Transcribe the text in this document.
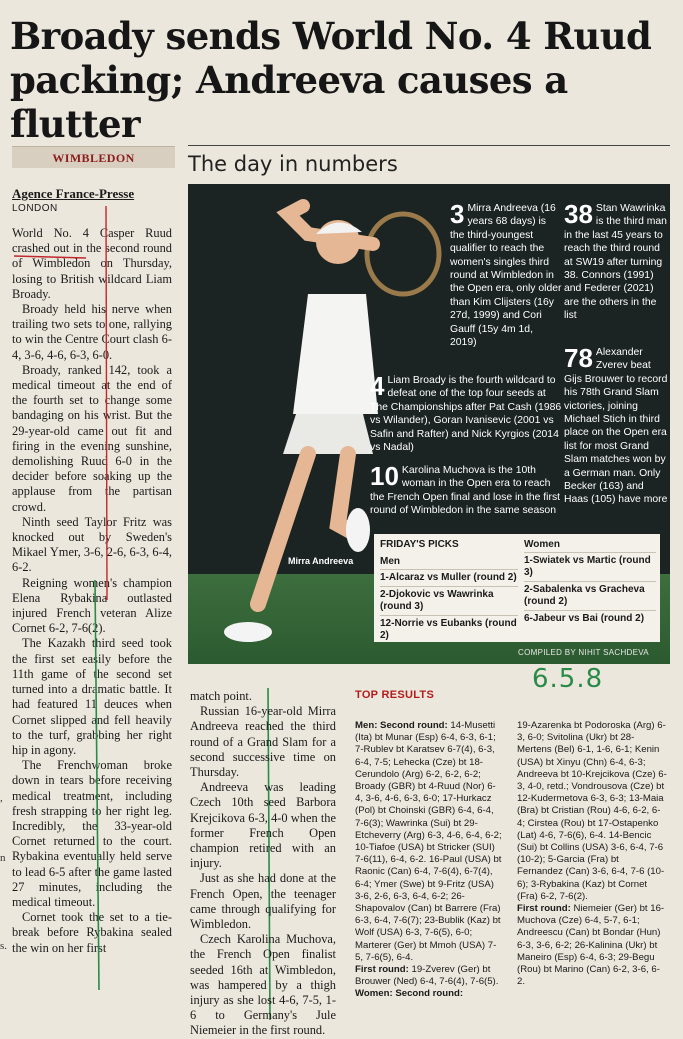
Broady sends World No. 4 Ruud packing; Andreeva causes a flutter
,
n
s.
WIMBLEDON
Agence France-Presse
LONDON

World No. 4 Casper Ruud crashed out in the second round of Wimbledon on Thursday, losing to British wildcard Liam Broady.

Broady held his nerve when trailing two sets to one, rallying to win the Centre Court clash 6-4, 3-6, 4-6, 6-3, 6-0.

Broady, ranked 142, took a medical timeout at the end of the fourth set to change some bandaging on his wrist. But the 29-year-old came out fit and firing in the evening sunshine, demolishing Ruud 6-0 in the decider before soaking up the applause from the partisan crowd.

Ninth seed Taylor Fritz was knocked out by Sweden's Mikael Ymer, 3-6, 2-6, 6-3, 6-4, 6-2.

Reigning women's champion Elena Rybakina outlasted injured French veteran Alize Cornet 6-2, 7-6(2).

The Kazakh third seed took the first set easily before the 11th game of the second set turned into a dramatic battle. It had featured 11 deuces when Cornet slipped and fell heavily to the turf, grabbing her right hip in agony.

The Frenchwoman broke down in tears before receiving medical treatment, including fresh strapping to her right leg. Incredibly, the 33-year-old Cornet returned to the court. Rybakina eventually held serve to lead 6-5 after the game lasted 27 minutes, including the medical timeout.

Cornet took the set to a tie-break before Rybakina sealed the win on her first

The day in numbers
3 Mirra Andreeva (16 years 68 days) is the third-youngest qualifier to reach the women's singles third round at Wimbledon in the Open era, only older than Kim Clijsters (16y 27d, 1999) and Cori Gauff (15y 4m 1d, 2019)
38 Stan Wawrinka is the third man in the last 45 years to reach the third round at SW19 after turning 38. Connors (1991) and Federer (2021) are the others in the list
4 Liam Broady is the fourth wildcard to defeat one of the top four seeds at The Championships after Pat Cash (1986 vs Wilander), Goran Ivanisevic (2001 vs Safin and Rafter) and Nick Kyrgios (2014 vs Nadal)
78 Alexander Zverev beat Gijs Brouwer to record his 78th Grand Slam victories, joining Michael Stich in third place on the Open era list for most Grand Slam matches won by a German man. Only Becker (163) and Haas (105) have more
10 Karolina Muchova is the 10th woman in the Open era to reach the French Open final and lose in the first round of Wimbledon in the same season
Mirra Andreeva
FRIDAY'S PICKS
Men
1-Alcaraz vs Muller (round 2)
2-Djokovic vs Wawrinka (round 3)
12-Norrie vs Eubanks (round 2)
Women
1-Swiatek vs Martic (round 3)
2-Sabalenka vs Gracheva (round 2)
6-Jabeur vs Bai (round 2)
COMPILED BY NIHIT SACHDEVA
6.5.8

match point.

Russian 16-year-old Mirra Andreeva reached the third round of a Grand Slam for a second successive time on Thursday.

Andreeva was leading Czech 10th seed Barbora Krejcikova 6-3, 4-0 when the former French Open champion retired with an injury.

Just as she had done at the French Open, the teenager came through qualifying for Wimbledon.

Czech Karolina Muchova, the French Open finalist seeded 16th at Wimbledon, was hampered by a thigh injury as she lost 4-6, 7-5, 1-6 to Germany's Jule Niemeier in the first round.

TOP RESULTS
Men: Second round: 14-Musetti (Ita) bt Munar (Esp) 6-4, 6-3, 6-1; 7-Rublev bt Karatsev 6-7(4), 6-3, 6-4, 7-5; Lehecka (Cze) bt 18-Cerundolo (Arg) 6-2, 6-2, 6-2; Broady (GBR) bt 4-Ruud (Nor) 6-4, 3-6, 4-6, 6-3, 6-0; 17-Hurkacz (Pol) bt Choinski (GBR) 6-4, 6-4, 7-6(3); Wawrinka (Sui) bt 29-Etcheverry (Arg) 6-3, 4-6, 6-4, 6-2; 10-Tiafoe (USA) bt Stricker (SUI) 7-6(11), 6-4, 6-2. 16-Paul (USA) bt Raonic (Can) 6-4, 7-6(4), 6-7(4), 6-4; Ymer (Swe) bt 9-Fritz (USA) 3-6, 2-6, 6-3, 6-4, 6-2; 26-Shapovalov (Can) bt Barrere (Fra) 6-3, 6-4, 7-6(7); 23-Bublik (Kaz) bt Wolf (USA) 6-3, 7-6(5), 6-0; Marterer (Ger) bt Mmoh (USA) 7-5, 7-6(5), 6-4.
First round: 19-Zverev (Ger) bt Brouwer (Ned) 6-4, 7-6(4), 7-6(5).
Women: Second round:
19-Azarenka bt Podoroska (Arg) 6-3, 6-0; Svitolina (Ukr) bt 28-Mertens (Bel) 6-1, 1-6, 6-1; Kenin (USA) bt Xinyu (Chn) 6-4, 6-3; Andreeva bt 10-Krejcikova (Cze) 6-3, 4-0, retd.; Vondrousova (Cze) bt 12-Kudermetova 6-3, 6-3; 13-Maia (Bra) bt Cristian (Rou) 4-6, 6-2, 6-4; Cirstea (Rou) bt 17-Ostapenko (Lat) 4-6, 7-6(6), 6-4. 14-Bencic (Sui) bt Collins (USA) 3-6, 6-4, 7-6 (10-2); 5-Garcia (Fra) bt Fernandez (Can) 3-6, 6-4, 7-6 (10-6); 3-Rybakina (Kaz) bt Cornet (Fra) 6-2, 7-6(2).
First round: Niemeier (Ger) bt 16-Muchova (Cze) 6-4, 5-7, 6-1; Andreescu (Can) bt Bondar (Hun) 6-3, 3-6, 6-2; 26-Kalinina (Ukr) bt Maneiro (Esp) 6-4, 6-3; 29-Begu (Rou) bt Marino (Can) 6-2, 3-6, 6-2.
